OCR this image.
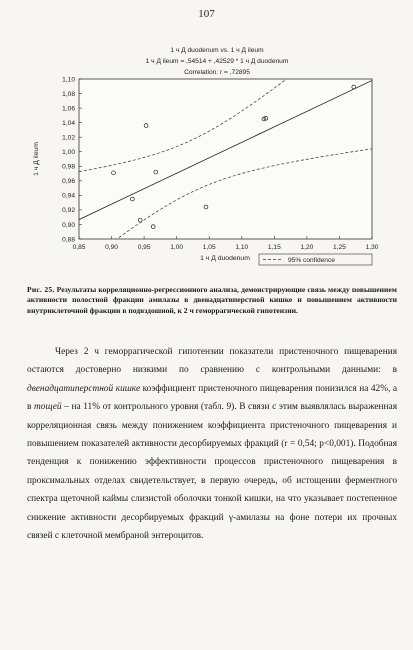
107
1 ч Д duodenum vs. 1 ч Д ileum
1 ч Д ileum = ,54514 + ,42529 * 1 ч Д duodenum
Correlation: r = ,72895
0,85	0,90	0,95	1,00	1,05	1,10	1,15	1,20	1,25	1,30
0,88
0,90
0,92
0,94
0,96
0,98
1,00
1,02
1,04
1,06
1,08
1,10
1 ч Д duodenum
1 ч Д ileum
95% confidence

Рис. 25. Результаты корреляционно-регрессионного анализа, демонстрирующие связь между повышением активности полостной фракции амилазы в двенадцатиперстной кишке и повышением активности внутриклеточной фракции в подвздошной, к 2 ч геморрагической гипотензии.

Через 2 ч геморрагической гипотензии показатели пристеночного пищеварения остаются достоверно низкими по сравнению с контрольными данными: в двенадцатиперстной кишке коэффициент пристеночного пищеварения понизился на 42%, а в тощей – на 11% от контрольного уровня (табл. 9). В связи с этим выявлялась выраженная корреляционная связь между понижением коэффициента пристеночного пищеварения и повышением показателей активности десорбируемых фракций (r = 0,54; p<0,001). Подобная тенденция к понижению эффективности процессов пристеночного пищеварения в проксимальных отделах свидетельствует, в первую очередь, об истощении ферментного спектра щеточной каймы слизистой оболочки тонкой кишки, на что указывает постепенное снижение активности десорбируемых фракций γ-амилазы на фоне потери их прочных связей с клеточной мембраной энтероцитов.
